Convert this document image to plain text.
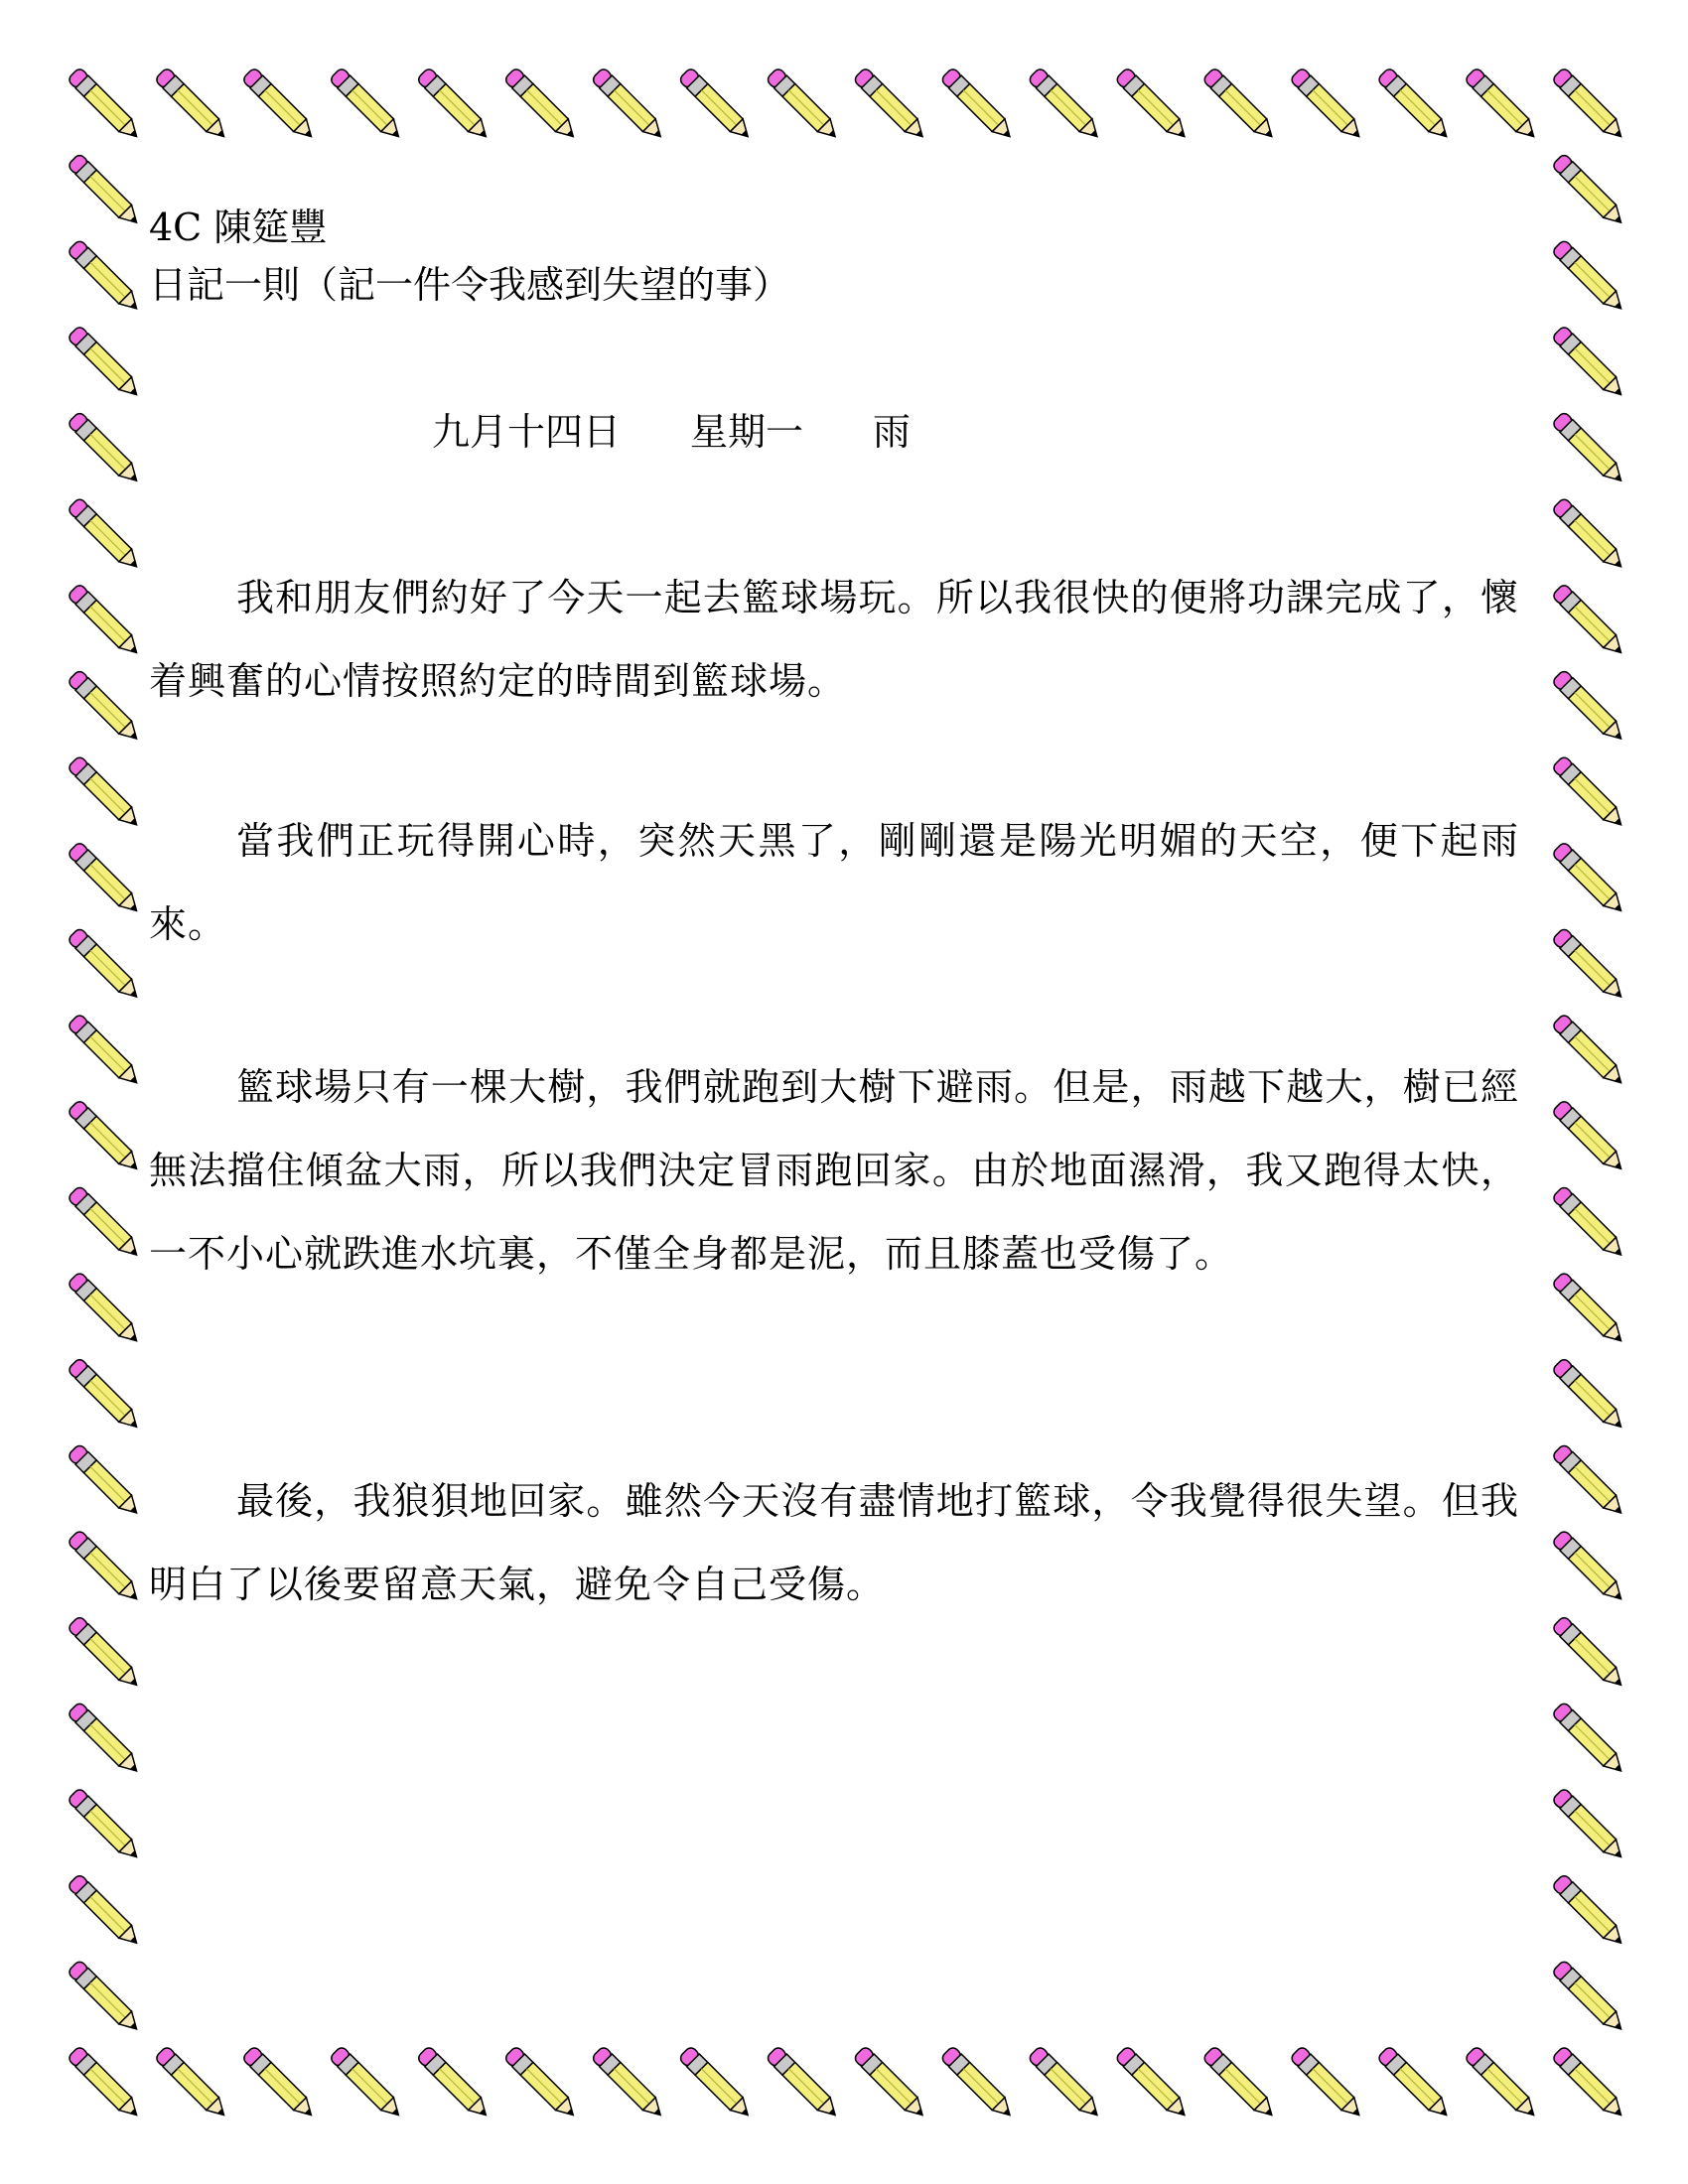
4C 陳筵豐

日記一則（記一件令我感到失望的事）

九月十四日 星期一 雨

我和朋友們約好了今天一起去籃球場玩。所以我很快的便將功課完成了，懷着興奮的心情按照約定的時間到籃球場。

當我們正玩得開心時，突然天黑了，剛剛還是陽光明媚的天空，便下起雨來。

籃球場只有一棵大樹，我們就跑到大樹下避雨。但是，雨越下越大，樹已經無法擋住傾盆大雨，所以我們決定冒雨跑回家。由於地面濕滑，我又跑得太快，一不小心就跌進水坑裏，不僅全身都是泥，而且膝蓋也受傷了。

最後，我狼狽地回家。雖然今天沒有盡情地打籃球，令我覺得很失望。但我明白了以後要留意天氣，避免令自己受傷。
